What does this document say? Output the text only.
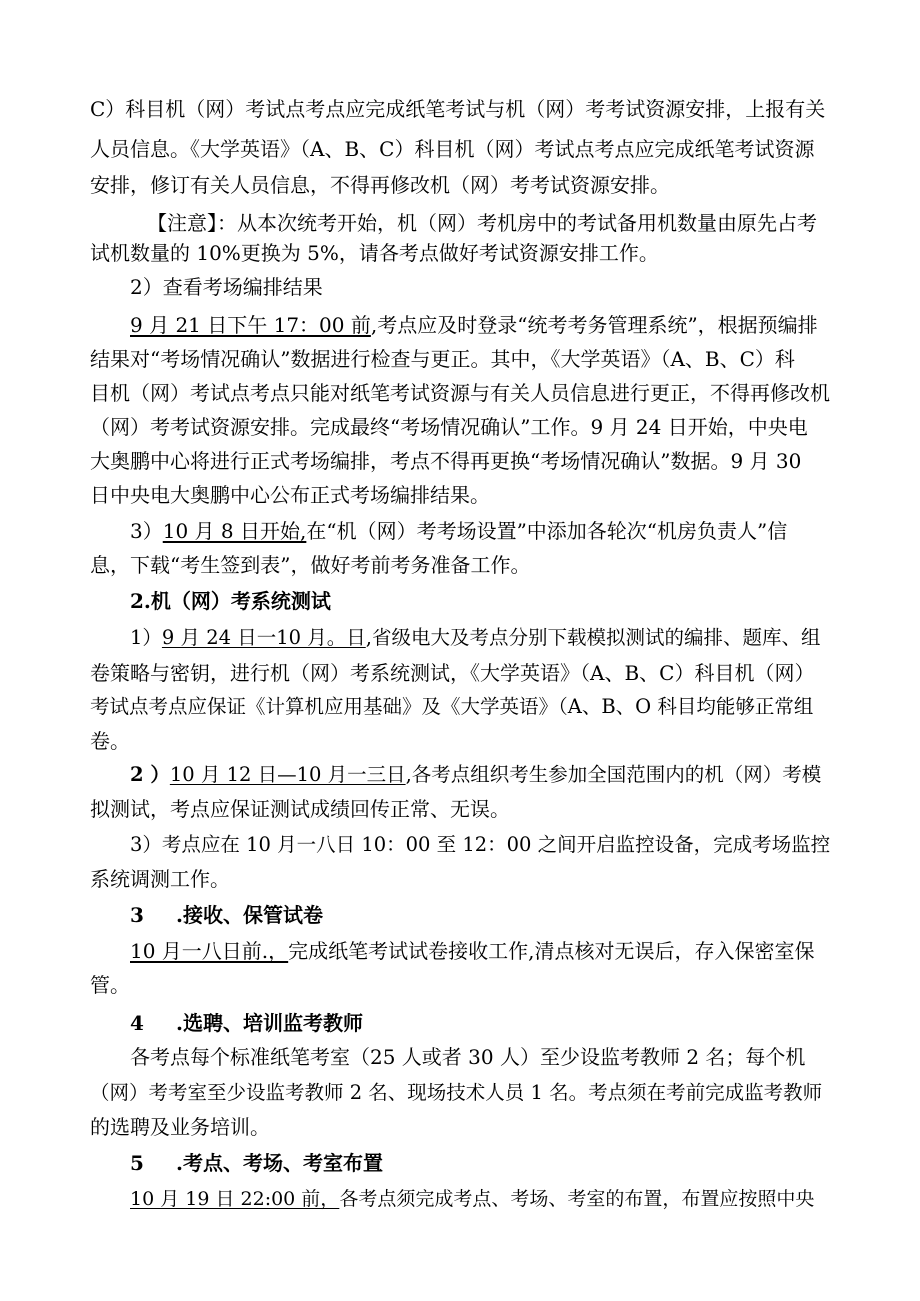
C）科目机（网）考试点考点应完成纸笔考试与机（网）考考试资源安排，上报有关
人员信息。《大学英语》（A、B、C）科目机（网）考试点考点应完成纸笔考试资源
安排，修订有关人员信息，不得再修改机（网）考考试资源安排。
【注意】：从本次统考开始，机（网）考机房中的考试备用机数量由原先占考
试机数量的 10%更换为 5%，请各考点做好考试资源安排工作。
2）查看考场编排结果
9 月 21 日下午 17：00 前,考点应及时登录“统考考务管理系统”，根据预编排
结果对“考场情况确认”数据进行检查与更正。其中，《大学英语》（A、B、C）科
目机（网）考试点考点只能对纸笔考试资源与有关人员信息进行更正，不得再修改机
（网）考考试资源安排。完成最终“考场情况确认”工作。9 月 24 日开始，中央电
大奥鹏中心将进行正式考场编排，考点不得再更换“考场情况确认”数据。9 月 30
日中央电大奥鹏中心公布正式考场编排结果。
3）10 月 8 日开始,在“机（网）考考场设置”中添加各轮次“机房负责人”信
息，下载“考生签到表”，做好考前考务准备工作。
2.机（网）考系统测试
1）9 月 24 日一10 月。日,省级电大及考点分别下载模拟测试的编排、题库、组
卷策略与密钥，进行机（网）考系统测试，《大学英语》（A、B、C）科目机（网）
考试点考点应保证《计算机应用基础》及《大学英语》（A、B、O 科目均能够正常组
卷。
2 ）10 月 12 日—10 月一三日,各考点组织考生参加全国范围内的机（网）考模
拟测试，考点应保证测试成绩回传正常、无误。
3）考点应在 10 月一八日 10：00 至 12：00 之间开启监控设备，完成考场监控
系统调测工作。
3 .接收、保管试卷
10 月一八日前.，完成纸笔考试试卷接收工作,清点核对无误后，存入保密室保
管。
4 .选聘、培训监考教师
各考点每个标准纸笔考室（25 人或者 30 人）至少设监考教师 2 名；每个机
（网）考考室至少设监考教师 2 名、现场技术人员 1 名。考点须在考前完成监考教师
的选聘及业务培训。
5 .考点、考场、考室布置
10 月 19 日 22:00 前，各考点须完成考点、考场、考室的布置，布置应按照中央
